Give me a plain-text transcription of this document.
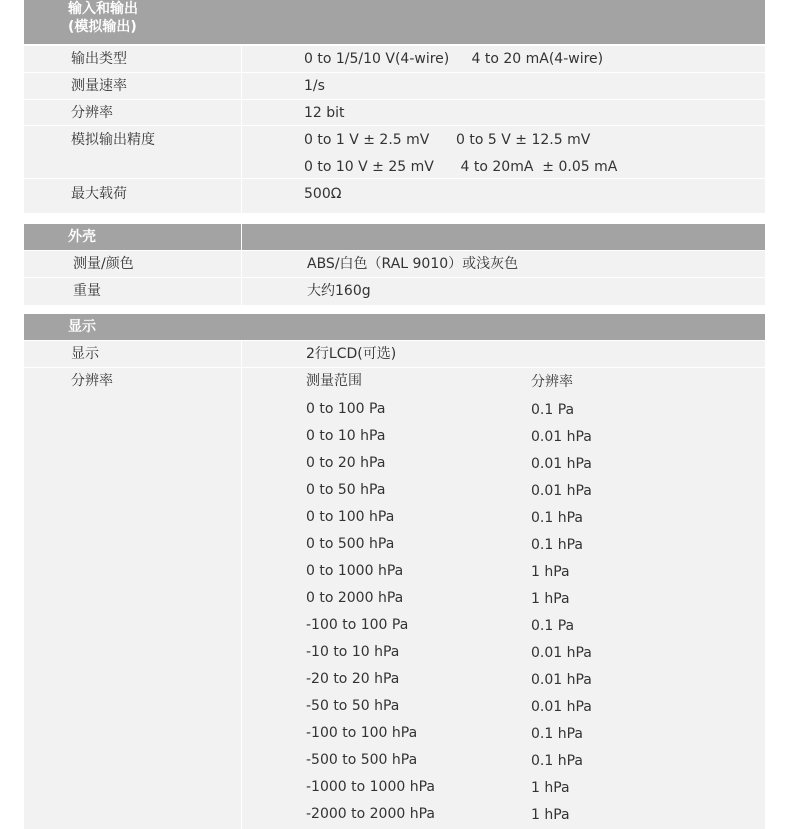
输入和输出
(模拟输出)
输出类型	0 to 1/5/10 V(4-wire)     4 to 20 mA(4-wire)
测量速率	1/s
分辨率	12 bit
模拟输出精度	0 to 1 V ± 2.5 mV      0 to 5 V ± 12.5 mV
0 to 10 V ± 25 mV      4 to 20mA  ± 0.05 mA
最大载荷	500Ω
外壳
测量/颜色	ABS/白色（RAL 9010）或浅灰色
重量	大约160g
显示
显示	2行LCD(可选)
分辨率	测量范围	分辨率
0 to 100 Pa	0.1 Pa
0 to 10 hPa	0.01 hPa
0 to 20 hPa	0.01 hPa
0 to 50 hPa	0.01 hPa
0 to 100 hPa	0.1 hPa
0 to 500 hPa	0.1 hPa
0 to 1000 hPa	1 hPa
0 to 2000 hPa	1 hPa
-100 to 100 Pa	0.1 Pa
-10 to 10 hPa	0.01 hPa
-20 to 20 hPa	0.01 hPa
-50 to 50 hPa	0.01 hPa
-100 to 100 hPa	0.1 hPa
-500 to 500 hPa	0.1 hPa
-1000 to 1000 hPa	1 hPa
-2000 to 2000 hPa	1 hPa
